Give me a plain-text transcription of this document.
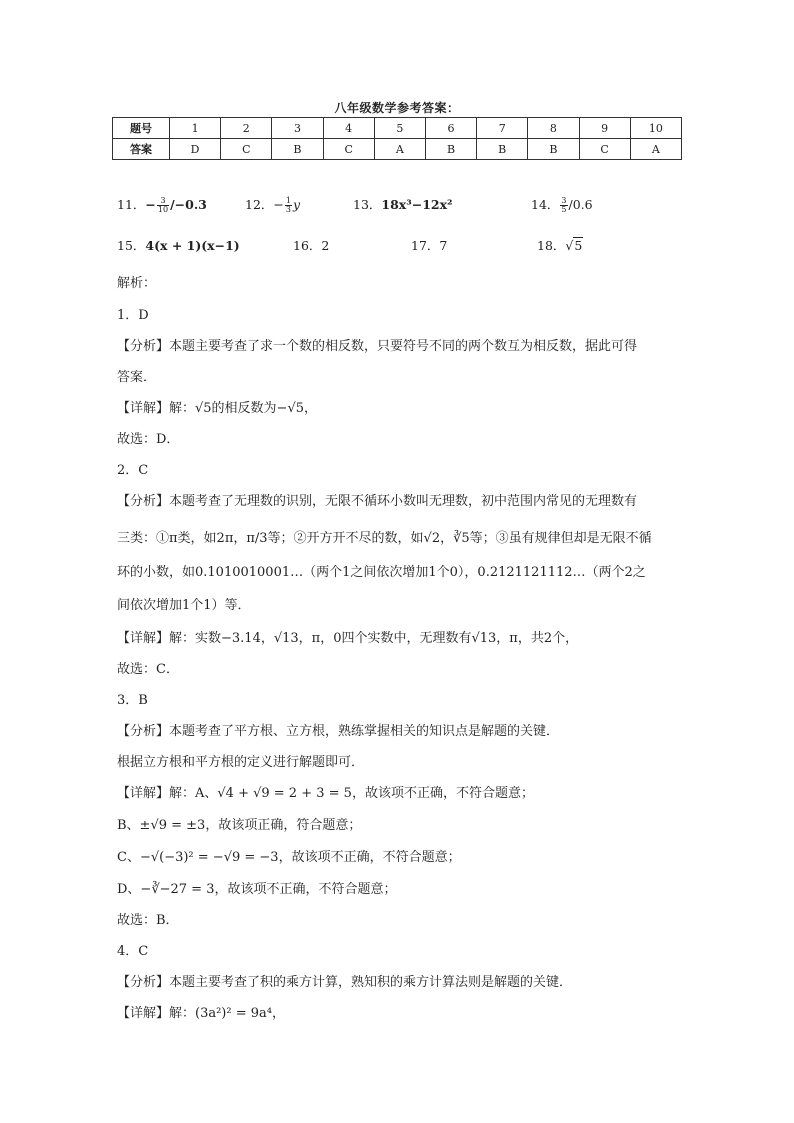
八年级数学参考答案：
题号	1	2	3	4	5	6	7	8	9	10
答案	D	C	B	C	A	B	B	B	C	A
11．− $\frac{3}{10} /-0.3$	12．− $\frac{1}{3}$ y	13．18x³−12x²	14． $\frac{3}{5} /0.6$
15．4(x + 1)(x−1)	16．2	17．7	18．√5
解析：
1．D
【分析】本题主要考查了求一个数的相反数，只要符号不同的两个数互为相反数，据此可得
答案．
【详解】解：√5的相反数为−√5，
故选：D．
2．C
【分析】本题考查了无理数的识别，无限不循环小数叫无理数，初中范围内常见的无理数有
三类：①π类，如2π，π/3等；②开方开不尽的数，如√2，∛5等；③虽有规律但却是无限不循
环的小数，如0.1010010001…（两个1之间依次增加1个0），0.2121121112…（两个2之
间依次增加1个1）等．
【详解】解：实数−3.14，√13，π，0四个实数中，无理数有√13，π，共2个，
故选：C．
3．B
【分析】本题考查了平方根、立方根，熟练掌握相关的知识点是解题的关键．
根据立方根和平方根的定义进行解题即可．
【详解】解：A、√4 + √9 = 2 + 3 = 5，故该项不正确，不符合题意；
B、±√9 = ±3，故该项正确，符合题意；
C、−√(−3)² = −√9 = −3，故该项不正确，不符合题意；
D、−∛−27 = 3，故该项不正确，不符合题意；
故选：B．
4．C
【分析】本题主要考查了积的乘方计算，熟知积的乘方计算法则是解题的关键．
【详解】解：(3a²)² = 9a⁴，
